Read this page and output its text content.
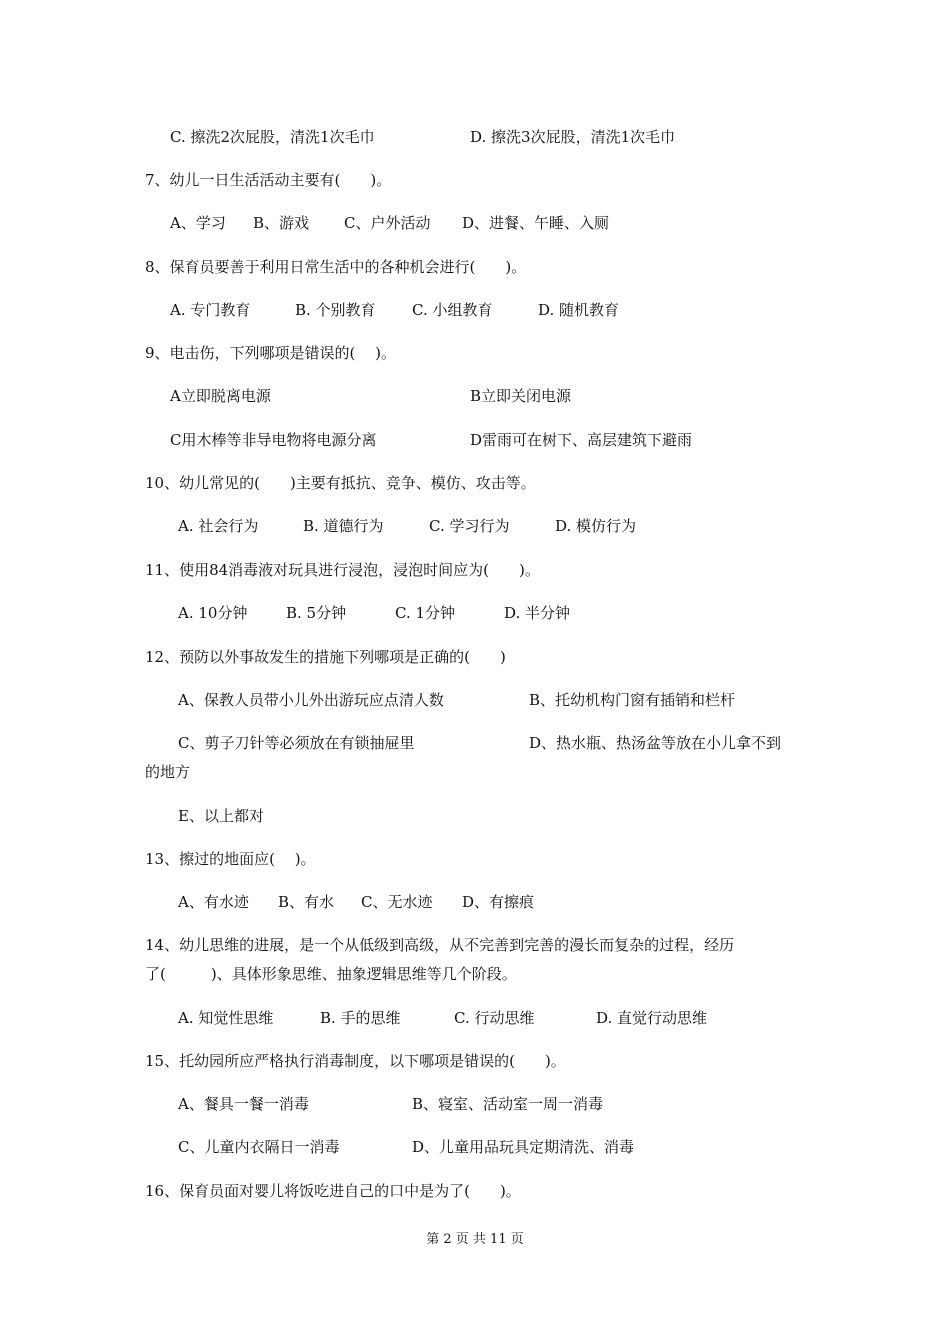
C. 擦洗2次屁股，清洗1次毛巾	D. 擦洗3次屁股，清洗1次毛巾
7、幼儿一日生活活动主要有(　　)。
A、学习 B、游戏 C、户外活动 D、进餐、午睡、入厕
8、保育员要善于利用日常生活中的各种机会进行(　　)。
A. 专门教育	B. 个别教育 C. 小组教育	D. 随机教育
9、电击伤，下列哪项是错误的(　 )。
A立即脱离电源	B立即关闭电源
C用木棒等非导电物将电源分离	D雷雨可在树下、高层建筑下避雨
10、幼儿常见的(　　)主要有抵抗、竞争、模仿、攻击等。
A. 社会行为	B. 道德行为	C. 学习行为	D. 模仿行为
11、使用84消毒液对玩具进行浸泡，浸泡时间应为(　　)。
A. 10分钟	B. 5分钟	C. 1分钟	D. 半分钟
12、预防以外事故发生的措施下列哪项是正确的(　　)
A、保教人员带小儿外出游玩应点清人数	B、托幼机构门窗有插销和栏杆
C、剪子刀针等必须放在有锁抽屉里	D、热水瓶、热汤盆等放在小儿拿不到
的地方
E、以上都对
13、擦过的地面应(　 )。
A、有水迹 B、有水 C、无水迹 D、有擦痕
14、幼儿思维的进展，是一个从低级到高级，从不完善到完善的漫长而复杂的过程，经历
了(　　　)、具体形象思维、抽象逻辑思维等几个阶段。
A. 知觉性思维	B. 手的思维	C. 行动思维	D. 直觉行动思维
15、托幼园所应严格执行消毒制度，以下哪项是错误的(　　)。
A、餐具一餐一消毒	B、寝室、活动室一周一消毒
C、儿童内衣隔日一消毒	D、儿童用品玩具定期清洗、消毒
16、保育员面对婴儿将饭吃进自己的口中是为了(　　)。
第 2 页 共 11 页
